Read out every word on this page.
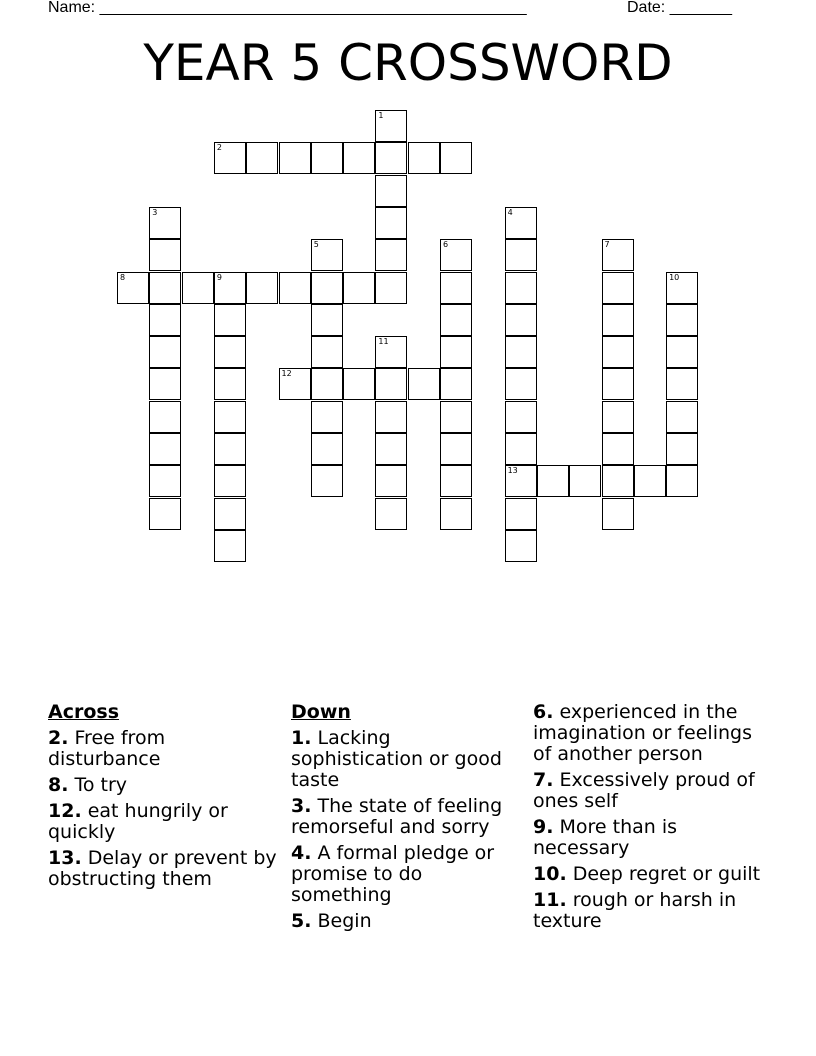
Name: ________________________________________________	Date: _______
YEAR 5 CROSSWORD
1
2
3	4
13
5	6	7
8	9	10
11
12
Across
2. Free from disturbance
8. To try
12. eat hungrily or quickly
13. Delay or prevent by obstructing them
Down
1. Lacking sophistication or good taste
3. The state of feeling remorseful and sorry
4. A formal pledge or promise to do something
5. Begin
6. experienced in the imagination or feelings of another person
7. Excessively proud of ones self
9. More than is necessary
10. Deep regret or guilt
11. rough or harsh in texture
